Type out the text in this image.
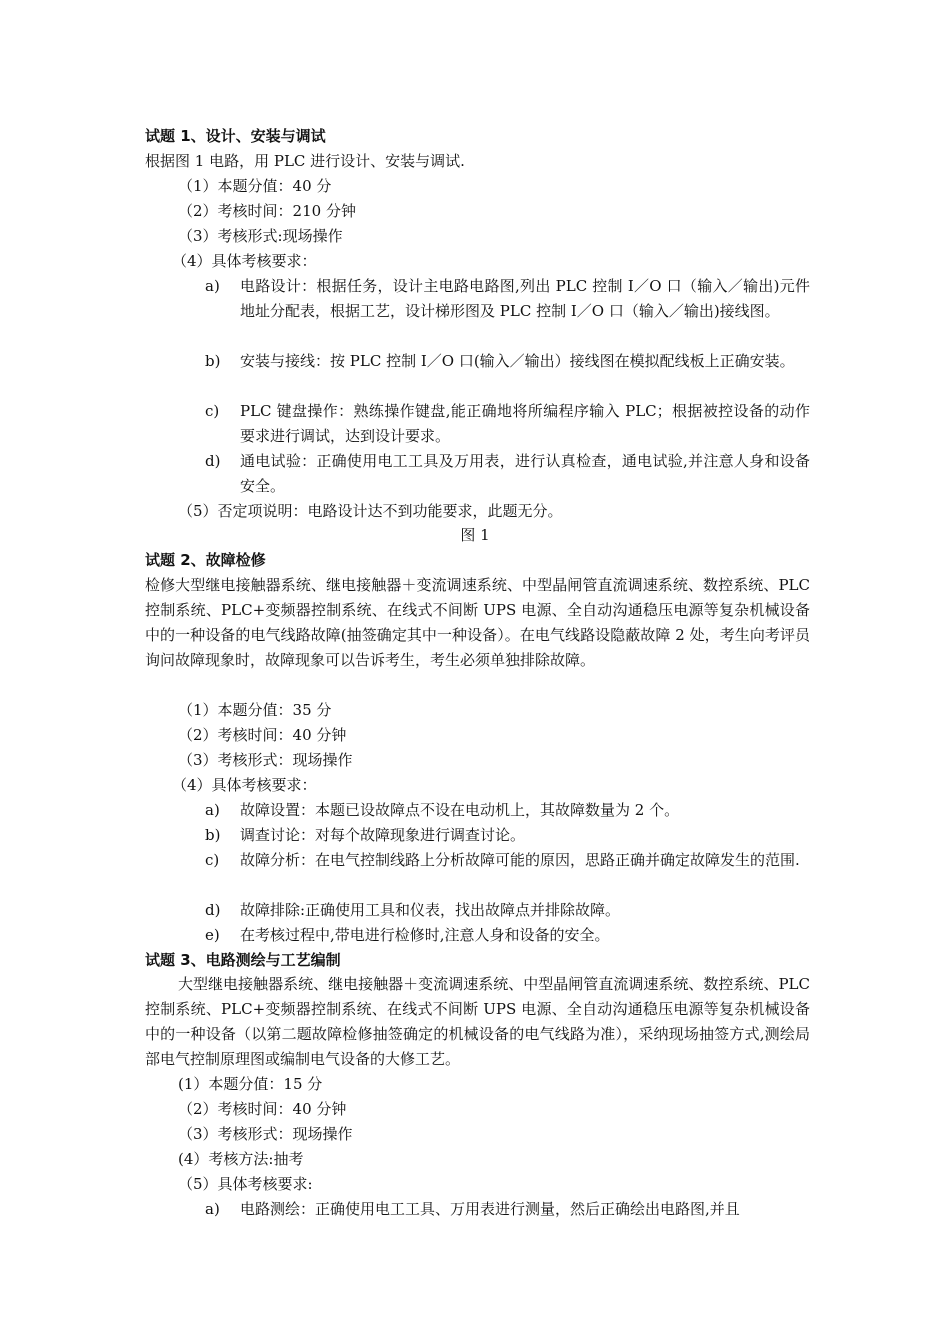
试题 1、设计、安装与调试
根据图 1 电路，用 PLC 进行设计、安装与调试.
（1）本题分值：40 分
（2）考核时间：210 分钟
（3）考核形式:现场操作
（4）具体考核要求：
a) 电路设计：根据任务，设计主电路电路图,列出 PLC 控制 I／O 口（输入／输出)元件地址分配表，根据工艺，设计梯形图及 PLC 控制 I／O 口（输入／输出)接线图。
b) 安装与接线：按 PLC 控制 I／O 口(输入／输出）接线图在模拟配线板上正确安装。
c) PLC 键盘操作：熟练操作键盘,能正确地将所编程序输入 PLC；根据被控设备的动作要求进行调试，达到设计要求。
d) 通电试验：正确使用电工工具及万用表，进行认真检查，通电试验,并注意人身和设备安全。
（5）否定项说明：电路设计达不到功能要求，此题无分。
图 1
试题 2、故障检修
检修大型继电接触器系统、继电接触器＋变流调速系统、中型晶闸管直流调速系统、数控系统、PLC 控制系统、PLC+变频器控制系统、在线式不间断 UPS 电源、全自动沟通稳压电源等复杂机械设备中的一种设备的电气线路故障(抽签确定其中一种设备）。在电气线路设隐蔽故障 2 处，考生向考评员询问故障现象时，故障现象可以告诉考生，考生必须单独排除故障。
（1）本题分值：35 分
（2）考核时间：40 分钟
（3）考核形式：现场操作
（4）具体考核要求：
a) 故障设置：本题已设故障点不设在电动机上，其故障数量为 2 个。
b) 调查讨论：对每个故障现象进行调查讨论。
c) 故障分析：在电气控制线路上分析故障可能的原因，思路正确并确定故障发生的范围.
d) 故障排除:正确使用工具和仪表，找出故障点并排除故障。
e) 在考核过程中,带电进行检修时,注意人身和设备的安全。
试题 3、电路测绘与工艺编制
大型继电接触器系统、继电接触器＋变流调速系统、中型晶闸管直流调速系统、数控系统、PLC 控制系统、PLC+变频器控制系统、在线式不间断 UPS 电源、全自动沟通稳压电源等复杂机械设备中的一种设备（以第二题故障检修抽签确定的机械设备的电气线路为准），采纳现场抽签方式,测绘局部电气控制原理图或编制电气设备的大修工艺。
(1）本题分值：15 分
（2）考核时间：40 分钟
（3）考核形式：现场操作
(4）考核方法:抽考
（5）具体考核要求:
a) 电路测绘：正确使用电工工具、万用表进行测量，然后正确绘出电路图,并且
